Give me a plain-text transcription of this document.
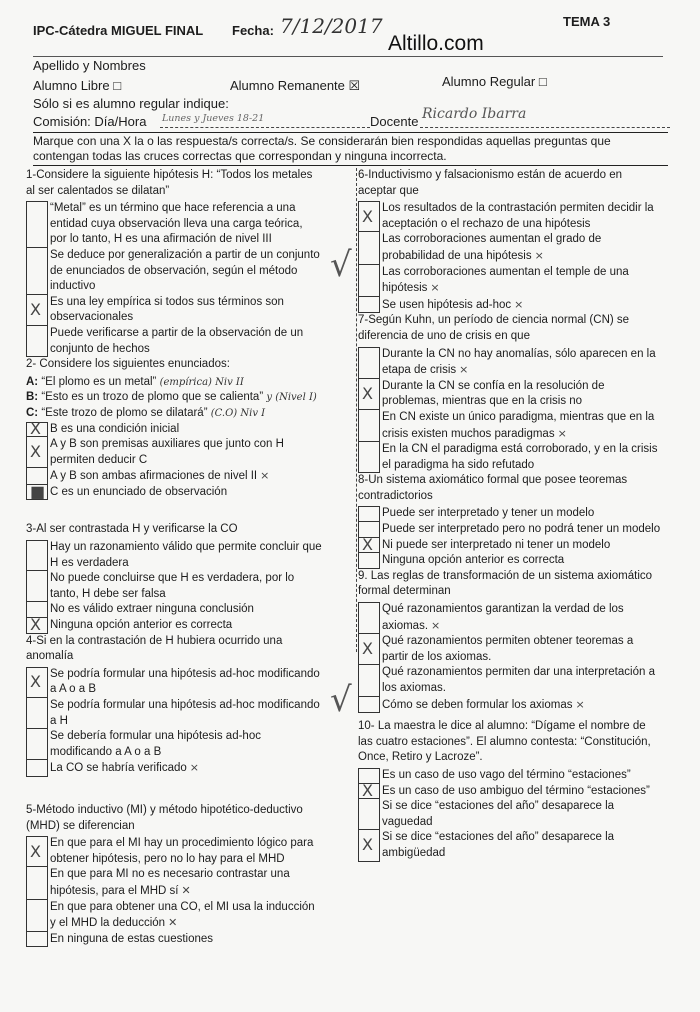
IPC-Cátedra MIGUEL FINAL Fecha: 7/12/2017	TEMA 3
Altillo.com
Apellido y Nombres
Alumno Libre □	Alumno Remanente ☒	Alumno Regular □
Sólo si es alumno regular indique:
Comisión: Día/Hora Lunes y Jueves 18-21	Docente Ricardo Ibarra
Marque con una X la o las respuesta/s correcta/s. Se considerarán bien respondidas aquellas preguntas que contengan todas las cruces correctas que correspondan y ninguna incorrecta.
1-Considere la siguiente hipótesis H: “Todos los metales al ser calentados se dilatan”
“Metal” es un término que hace referencia a una entidad cuya observación lleva una carga teórica, por lo tanto, H es una afirmación de nivel III
Se deduce por generalización a partir de un conjunto de enunciados de observación, según el método inductivo
X Es una ley empírica si todos sus términos son observacionales
Puede verificarse a partir de la observación de un conjunto de hechos
2- Considere los siguientes enunciados:
A: “El plomo es un metal” (empírica) Niv II
B: “Esto es un trozo de plomo que se calienta” y (Nivel I)
C: “Este trozo de plomo se dilatará” (C.O) Niv I
X B es una condición inicial
X A y B son premisas auxiliares que junto con H permiten deducir C
A y B son ambas afirmaciones de nivel II ×
■ C es un enunciado de observación
3-Al ser contrastada H y verificarse la CO
Hay un razonamiento válido que permite concluir que H es verdadera
No puede concluirse que H es verdadera, por lo tanto, H debe ser falsa
No es válido extraer ninguna conclusión
X Ninguna opción anterior es correcta
4-Si en la contrastación de H hubiera ocurrido una anomalía
X Se podría formular una hipótesis ad-hoc modificando a A o a B
Se podría formular una hipótesis ad-hoc modificando a H
Se debería formular una hipótesis ad-hoc modificando a A o a B
La CO se habría verificado ×
5-Método inductivo (MI) y método hipotético-deductivo (MHD) se diferencian
X En que para el MI hay un procedimiento lógico para obtener hipótesis, pero no lo hay para el MHD
En que para MI no es necesario contrastar una hipótesis, para el MHD sí ✕
En que para obtener una CO, el MI usa la inducción y el MHD la deducción ✕
En ninguna de estas cuestiones
6-Inductivismo y falsacionismo están de acuerdo en aceptar que
X Los resultados de la contrastación permiten decidir la aceptación o el rechazo de una hipótesis
Las corroboraciones aumentan el grado de probabilidad de una hipótesis ×
Las corroboraciones aumentan el temple de una hipótesis ×
Se usen hipótesis ad-hoc ×
7-Según Kuhn, un período de ciencia normal (CN) se diferencia de uno de crisis en que
Durante la CN no hay anomalías, sólo aparecen en la etapa de crisis ×
X Durante la CN se confía en la resolución de problemas, mientras que en la crisis no
En CN existe un único paradigma, mientras que en la crisis existen muchos paradigmas ×
En la CN el paradigma está corroborado, y en la crisis el paradigma ha sido refutado
8-Un sistema axiomático formal que posee teoremas contradictorios
Puede ser interpretado y tener un modelo
Puede ser interpretado pero no podrá tener un modelo
X Ni puede ser interpretado ni tener un modelo
Ninguna opción anterior es correcta
9. Las reglas de transformación de un sistema axiomático formal determinan
Qué razonamientos garantizan la verdad de los axiomas. ×
X Qué razonamientos permiten obtener teoremas a partir de los axiomas.
Qué razonamientos permiten dar una interpretación a los axiomas.
Cómo se deben formular los axiomas ×
10- La maestra le dice al alumno: “Dígame el nombre de las cuatro estaciones”. El alumno contesta: “Constitución, Once, Retiro y Lacroze”.
Es un caso de uso vago del término “estaciones”
X Es un caso de uso ambiguo del término “estaciones”
Si se dice “estaciones del año” desaparece la vaguedad
X Si se dice “estaciones del año” desaparece la ambigüedad
√
√
